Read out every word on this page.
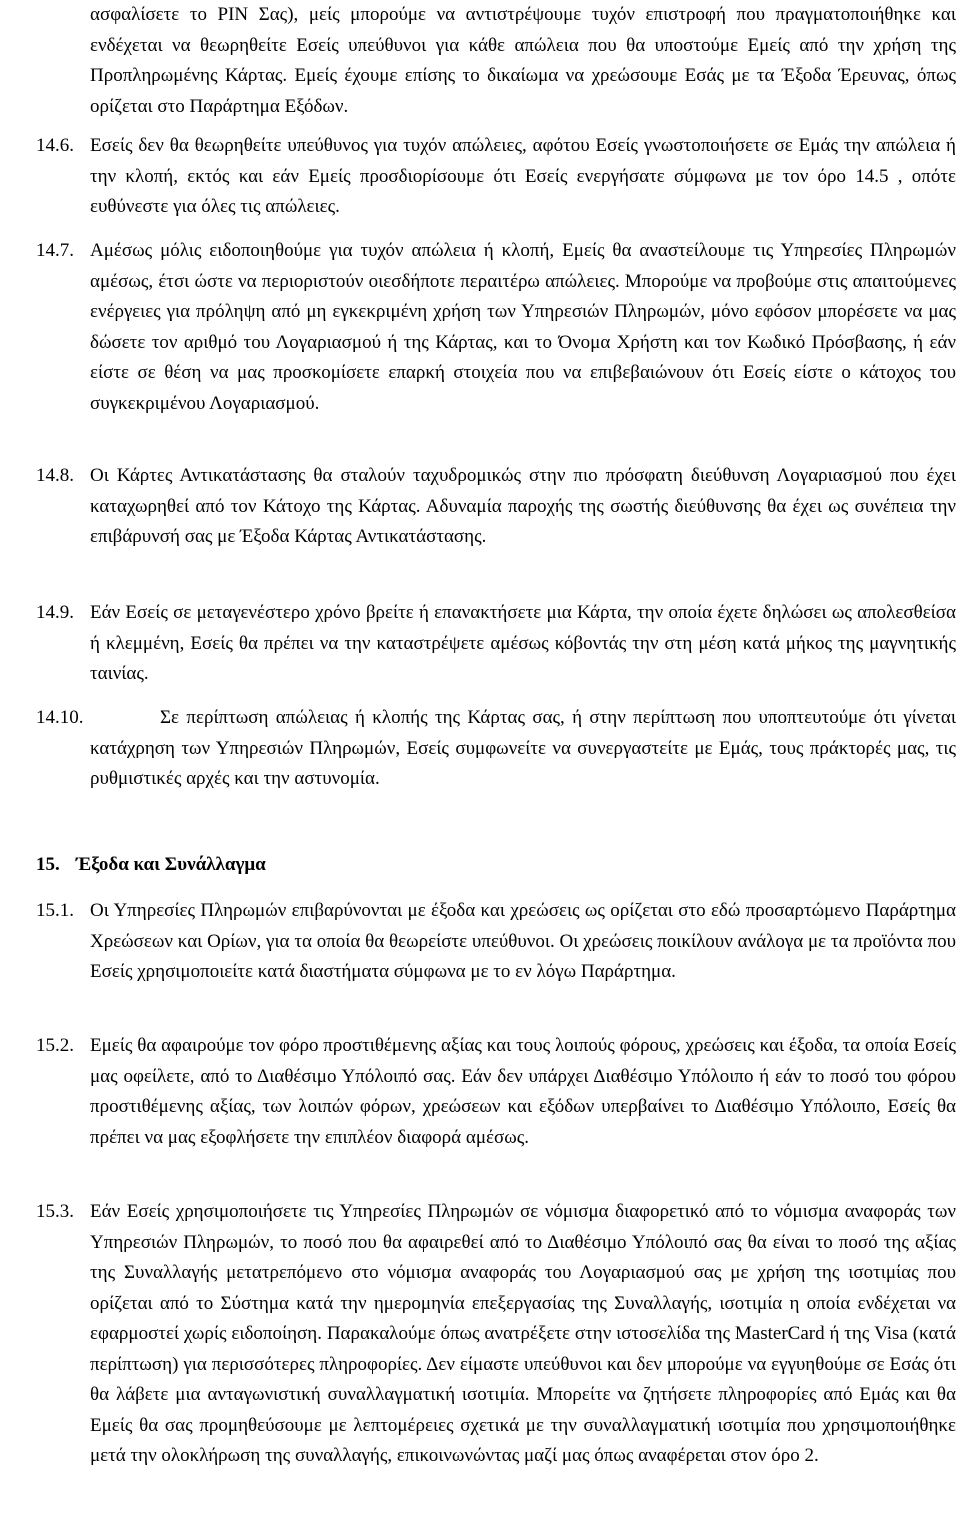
ασφαλίσετε το PIN Σας), μείς μπορούμε να αντιστρέψουμε τυχόν επιστροφή που πραγματοποιήθηκε και ενδέχεται να θεωρηθείτε Εσείς υπεύθυνοι για κάθε απώλεια που θα υποστούμε Εμείς από την χρήση της Προπληρωμένης Κάρτας. Εμείς έχουμε επίσης το δικαίωμα να χρεώσουμε Εσάς με τα Έξοδα Έρευνας, όπως ορίζεται στο Παράρτημα Εξόδων.
14.6. Εσείς δεν θα θεωρηθείτε υπεύθυνος για τυχόν απώλειες, αφότου Εσείς γνωστοποιήσετε σε Εμάς την απώλεια ή την κλοπή, εκτός και εάν Εμείς προσδιορίσουμε ότι Εσείς ενεργήσατε σύμφωνα με τον όρο 14.5 , οπότε ευθύνεστε για όλες τις απώλειες.
14.7. Αμέσως μόλις ειδοποιηθούμε για τυχόν απώλεια ή κλοπή, Εμείς θα αναστείλουμε τις Υπηρεσίες Πληρωμών αμέσως, έτσι ώστε να περιοριστούν οιεσδήποτε περαιτέρω απώλειες. Μπορούμε να προβούμε στις απαιτούμενες ενέργειες για πρόληψη από μη εγκεκριμένη χρήση των Υπηρεσιών Πληρωμών, μόνο εφόσον μπορέσετε να μας δώσετε τον αριθμό του Λογαριασμού ή της Κάρτας, και το Όνομα Χρήστη και τον Κωδικό Πρόσβασης, ή εάν είστε σε θέση να μας προσκομίσετε επαρκή στοιχεία που να επιβεβαιώνουν ότι Εσείς είστε ο κάτοχος του συγκεκριμένου Λογαριασμού.
14.8. Οι Κάρτες Αντικατάστασης θα σταλούν ταχυδρομικώς στην πιο πρόσφατη διεύθυνση Λογαριασμού που έχει καταχωρηθεί από τον Κάτοχο της Κάρτας. Αδυναμία παροχής της σωστής διεύθυνσης θα έχει ως συνέπεια την επιβάρυνσή σας με Έξοδα Κάρτας Αντικατάστασης.
14.9. Εάν Εσείς σε μεταγενέστερο χρόνο βρείτε ή επανακτήσετε μια Κάρτα, την οποία έχετε δηλώσει ως απολεσθείσα ή κλεμμένη, Εσείς θα πρέπει να την καταστρέψετε αμέσως κόβοντάς την στη μέση κατά μήκος της μαγνητικής ταινίας.
14.10.	Σε περίπτωση απώλειας ή κλοπής της Κάρτας σας, ή στην περίπτωση που υποπτευτούμε ότι γίνεται κατάχρηση των Υπηρεσιών Πληρωμών, Εσείς συμφωνείτε να συνεργαστείτε με Εμάς, τους πράκτορές μας, τις ρυθμιστικές αρχές και την αστυνομία.
15. Έξοδα και Συνάλλαγμα
15.1. Οι Υπηρεσίες Πληρωμών επιβαρύνονται με έξοδα και χρεώσεις ως ορίζεται στο εδώ προσαρτώμενο Παράρτημα Χρεώσεων και Ορίων, για τα οποία θα θεωρείστε υπεύθυνοι. Οι χρεώσεις ποικίλουν ανάλογα με τα προϊόντα που Εσείς χρησιμοποιείτε κατά διαστήματα σύμφωνα με το εν λόγω Παράρτημα.
15.2. Εμείς θα αφαιρούμε τον φόρο προστιθέμενης αξίας και τους λοιπούς φόρους, χρεώσεις και έξοδα, τα οποία Εσείς μας οφείλετε, από το Διαθέσιμο Υπόλοιπό σας. Εάν δεν υπάρχει Διαθέσιμο Υπόλοιπο ή εάν το ποσό του φόρου προστιθέμενης αξίας, των λοιπών φόρων, χρεώσεων και εξόδων υπερβαίνει το Διαθέσιμο Υπόλοιπο, Εσείς θα πρέπει να μας εξοφλήσετε την επιπλέον διαφορά αμέσως.
15.3. Εάν Εσείς χρησιμοποιήσετε τις Υπηρεσίες Πληρωμών σε νόμισμα διαφορετικό από το νόμισμα αναφοράς των Υπηρεσιών Πληρωμών, το ποσό που θα αφαιρεθεί από το Διαθέσιμο Υπόλοιπό σας θα είναι το ποσό της αξίας της Συναλλαγής μετατρεπόμενο στο νόμισμα αναφοράς του Λογαριασμού σας με χρήση της ισοτιμίας που ορίζεται από το Σύστημα κατά την ημερομηνία επεξεργασίας της Συναλλαγής, ισοτιμία η οποία ενδέχεται να εφαρμοστεί χωρίς ειδοποίηση. Παρακαλούμε όπως ανατρέξετε στην ιστοσελίδα της MasterCard ή της Visa (κατά περίπτωση) για περισσότερες πληροφορίες. Δεν είμαστε υπεύθυνοι και δεν μπορούμε να εγγυηθούμε σε Εσάς ότι θα λάβετε μια ανταγωνιστική συναλλαγματική ισοτιμία. Μπορείτε να ζητήσετε πληροφορίες από Εμάς και θα Εμείς θα σας προμηθεύσουμε με λεπτομέρειες σχετικά με την συναλλαγματική ισοτιμία που χρησιμοποιήθηκε μετά την ολοκλήρωση της συναλλαγής, επικοινωνώντας μαζί μας όπως αναφέρεται στον όρο 2.
